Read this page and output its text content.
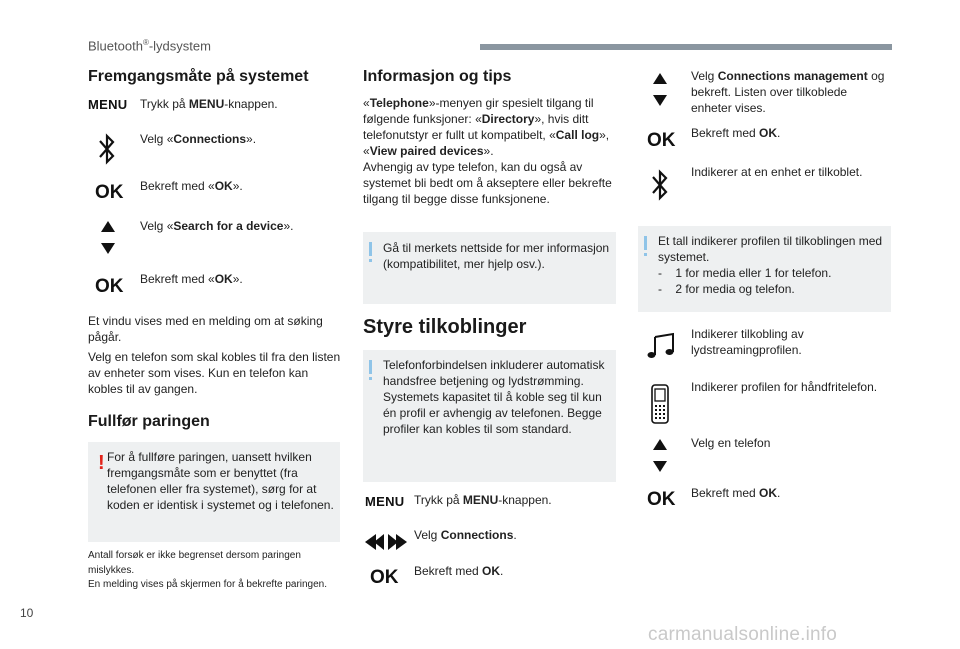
Bluetooth®-lydsystem
Fremgangsmåte på systemet
MENU Trykk på MENU-knappen.
Velg «Connections».
OK Bekreft med «OK».
Velg «Search for a device».
OK Bekreft med «OK».
Et vindu vises med en melding om at søking pågår.
Velg en telefon som skal kobles til fra den listen av enheter som vises. Kun en telefon kan kobles til av gangen.
Fullfør paringen
! For å fullføre paringen, uansett hvilken fremgangsmåte som er benyttet (fra telefonen eller fra systemet), sørg for at koden er identisk i systemet og i telefonen.
Antall forsøk er ikke begrenset dersom paringen mislykkes.
En melding vises på skjermen for å bekrefte paringen.
Informasjon og tips
«Telephone»-menyen gir spesielt tilgang til følgende funksjoner: «Directory», hvis ditt telefonutstyr er fullt ut kompatibelt, «Call log», «View paired devices».
Avhengig av type telefon, kan du også av systemet bli bedt om å akseptere eller bekrefte tilgang til begge disse funksjonene.
Gå til merkets nettside for mer informasjon (kompatibilitet, mer hjelp osv.).
Styre tilkoblinger
Telefonforbindelsen inkluderer automatisk handsfree betjening og lydstrømming. Systemets kapasitet til å koble seg til kun én profil er avhengig av telefonen. Begge profiler kan kobles til som standard.
MENU Trykk på MENU-knappen.
Velg Connections.
OK Bekreft med OK.
Velg Connections management og bekreft. Listen over tilkoblede enheter vises.
OK Bekreft med OK.
Indikerer at en enhet er tilkoblet.
Et tall indikerer profilen til tilkoblingen med systemet.
-    1 for media eller 1 for telefon.
-    2 for media og telefon.
Indikerer tilkobling av lydstreamingprofilen.
Indikerer profilen for håndfritelefon.
Velg en telefon
OK Bekreft med OK.
10
carmanualsonline.info
